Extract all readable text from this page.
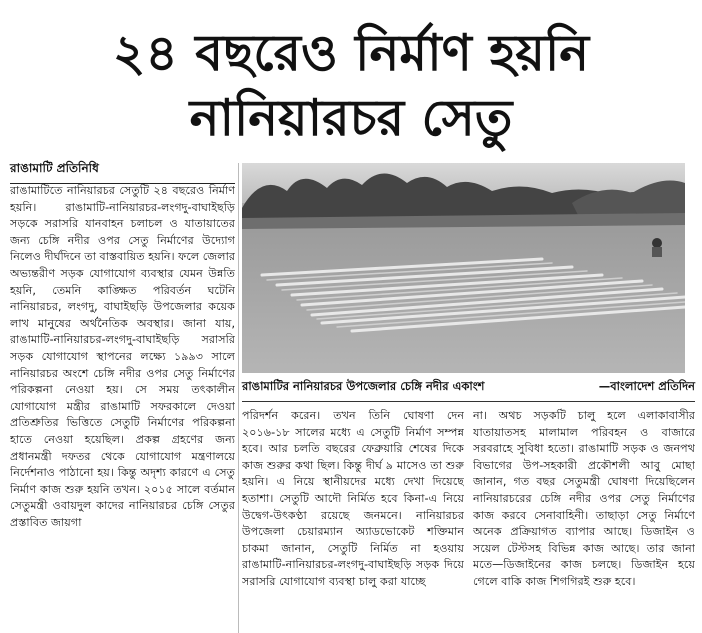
২৪ বছরেও নির্মাণ হয়নি
নানিয়ারচর সেতু
রাঙামাটি প্রতিনিধি
রাঙামাটিতে নানিয়ারচর সেতুটি ২৪ বছরেও নির্মাণ হয়নি। রাঙামাটি-নানিয়ারচর-লংগদু-বাঘাইছড়ি সড়কে সরাসরি যানবাহন চলাচল ও যাতায়াতের জন্য চেঙ্গি নদীর ওপর সেতু নির্মাণের উদ্যোগ নিলেও দীর্ঘদিনে তা বাস্তবায়িত হয়নি। ফলে জেলার অভ্যন্তরীণ সড়ক যোগাযোগ ব্যবস্থার যেমন উন্নতি হয়নি, তেমনি কাঙ্ক্ষিত পরিবর্তন ঘটেনি নানিয়ারচর, লংগদু, বাঘাইছড়ি উপজেলার কয়েক লাখ মানুষের অর্থনৈতিক অবস্থার। জানা যায়, রাঙামাটি-নানিয়ারচর-লংগদু-বাঘাইছড়ি সরাসরি সড়ক যোগাযোগ স্থাপনের লক্ষ্যে ১৯৯৩ সালে নানিয়ারচর অংশে চেঙ্গি নদীর ওপর সেতু নির্মাণের পরিকল্পনা নেওয়া হয়। সে সময় তৎকালীন যোগাযোগ মন্ত্রীর রাঙামাটি সফরকালে দেওয়া প্রতিশ্রুতির ভিত্তিতে সেতুটি নির্মাণের পরিকল্পনা হাতে নেওয়া হয়েছিল। প্রকল্প গ্রহণের জন্য প্রধানমন্ত্রী দফতর থেকে যোগাযোগ মন্ত্রণালয়ে নির্দেশনাও পাঠানো হয়। কিন্তু অদৃশ্য কারণে এ সেতু নির্মাণ কাজ শুরু হয়নি তখন। ২০১৫ সালে বর্তমান সেতুমন্ত্রী ওবায়দুল কাদের নানিয়ারচর চেঙ্গি সেতুর প্রস্তাবিত জায়গা
রাঙামাটির নানিয়ারচর উপজেলার চেঙ্গি নদীর একাংশ	—বাংলাদেশ প্রতিদিন
পরিদর্শন করেন। তখন তিনি ঘোষণা দেন ২০১৬-১৮ সালের মধ্যে এ সেতুটি নির্মাণ সম্পন্ন হবে। আর চলতি বছরের ফেব্রুয়ারি শেষের দিকে কাজ শুরুর কথা ছিল। কিন্তু দীর্ঘ ৯ মাসেও তা শুরু হয়নি। এ নিয়ে স্থানীয়দের মধ্যে দেখা দিয়েছে হতাশা। সেতুটি আদৌ নির্মিত হবে কিনা-এ নিয়ে উদ্বেগ-উৎকণ্ঠা রয়েছে জনমনে। নানিয়ারচর উপজেলা চেয়ারম্যান অ্যাডভোকেট শক্তিমান চাকমা জানান, সেতুটি নির্মিত না হওয়ায় রাঙামাটি-নানিয়ারচর-লংগদু-বাঘাইছড়ি সড়ক দিয়ে সরাসরি যোগাযোগ ব্যবস্থা চালু করা যাচ্ছে
না। অথচ সড়কটি চালু হলে এলাকাবাসীর যাতায়াতসহ মালামাল পরিবহন ও বাজারে সরবরাহে সুবিধা হতো। রাঙামাটি সড়ক ও জনপথ বিভাগের উপ-সহকারী প্রকৌশলী আবু মোছা জানান, গত বছর সেতুমন্ত্রী ঘোষণা দিয়েছিলেন নানিয়ারচরের চেঙ্গি নদীর ওপর সেতু নির্মাণের কাজ করবে সেনাবাহিনী। তাছাড়া সেতু নির্মাণে অনেক প্রক্রিয়াগত ব্যাপার আছে। ডিজাইন ও সয়েল টেস্টসহ বিভিন্ন কাজ আছে। তার জানা মতে—ডিজাইনের কাজ চলছে। ডিজাইন হয়ে গেলে বাকি কাজ শিগগিরই শুরু হবে।
